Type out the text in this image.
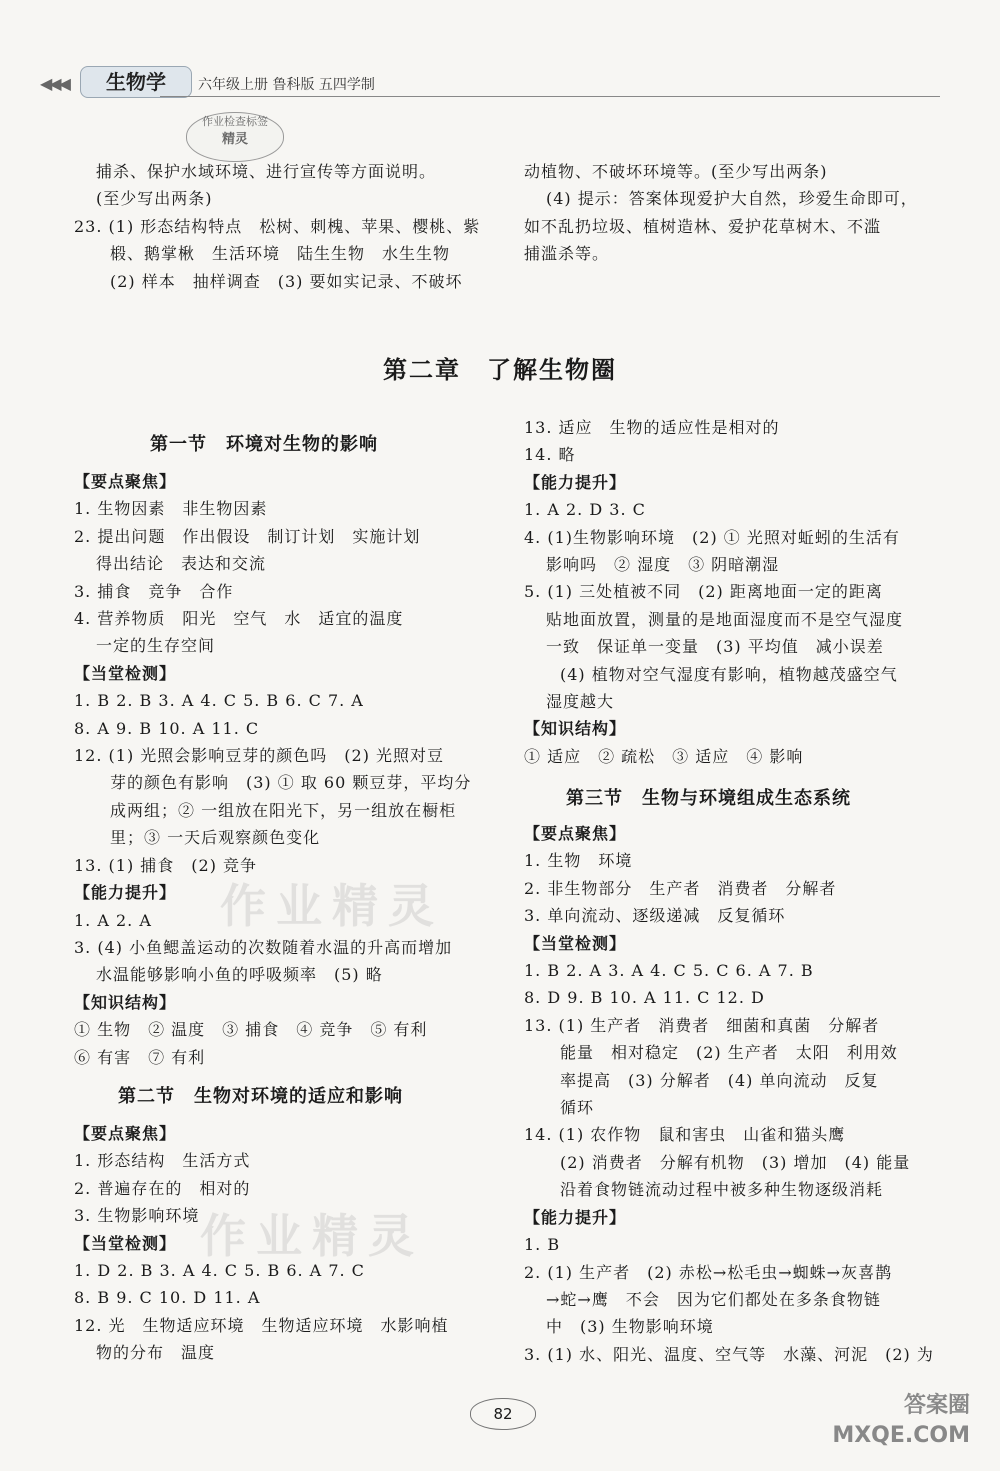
◀◀◀	生物学	六年级上册 鲁科版 五四学制
作业检查标签
精灵
捕杀、保护水域环境、进行宣传等方面说明。
(至少写出两条)
23. (1) 形态结构特点　松树、刺槐、苹果、樱桃、紫
椴、鹅掌楸　生活环境　陆生生物　水生生物
(2) 样本　抽样调查　(3) 要如实记录、不破坏
动植物、不破坏环境等。(至少写出两条)
(4) 提示：答案体现爱护大自然，珍爱生命即可，
如不乱扔垃圾、植树造林、爱护花草树木、不滥
捕滥杀等。
第二章　了解生物圈
第一节　环境对生物的影响
【要点聚焦】
1. 生物因素　非生物因素
2. 提出问题　作出假设　制订计划　实施计划
得出结论　表达和交流
3. 捕食　竞争　合作
4. 营养物质　阳光　空气　水　适宜的温度
一定的生存空间
【当堂检测】
1. B 2. B 3. A 4. C 5. B 6. C 7. A
8. A 9. B 10. A 11. C
12. (1) 光照会影响豆芽的颜色吗　(2) 光照对豆
芽的颜色有影响　(3) ① 取 60 颗豆芽，平均分
成两组；② 一组放在阳光下，另一组放在橱柜
里；③ 一天后观察颜色变化
13. (1) 捕食　(2) 竞争
【能力提升】
1. A 2. A
3. (4) 小鱼鳃盖运动的次数随着水温的升高而增加
水温能够影响小鱼的呼吸频率　(5) 略
【知识结构】
① 生物　② 温度　③ 捕食　④ 竞争　⑤ 有利
⑥ 有害　⑦ 有利
第二节　生物对环境的适应和影响
【要点聚焦】
1. 形态结构　生活方式
2. 普遍存在的　相对的
3. 生物影响环境
【当堂检测】
1. D 2. B 3. A 4. C 5. B 6. A 7. C
8. B 9. C 10. D 11. A
12. 光　生物适应环境　生物适应环境　水影响植
物的分布　温度
13. 适应　生物的适应性是相对的
14. 略
【能力提升】
1. A 2. D 3. C
4. (1)生物影响环境　(2) ① 光照对蚯蚓的生活有
影响吗　② 湿度　③ 阴暗潮湿
5. (1) 三处植被不同　(2) 距离地面一定的距离
贴地面放置，测量的是地面湿度而不是空气湿度
一致　保证单一变量　(3) 平均值　减小误差
(4) 植物对空气湿度有影响，植物越茂盛空气
湿度越大
【知识结构】
① 适应　② 疏松　③ 适应　④ 影响
第三节　生物与环境组成生态系统
【要点聚焦】
1. 生物　环境
2. 非生物部分　生产者　消费者　分解者
3. 单向流动、逐级递减　反复循环
【当堂检测】
1. B 2. A 3. A 4. C 5. C 6. A 7. B
8. D 9. B 10. A 11. C 12. D
13. (1) 生产者　消费者　细菌和真菌　分解者
能量　相对稳定　(2) 生产者　太阳　利用效
率提高　(3) 分解者　(4) 单向流动　反复
循环
14. (1) 农作物　鼠和害虫　山雀和猫头鹰
(2) 消费者　分解有机物　(3) 增加　(4) 能量
沿着食物链流动过程中被多种生物逐级消耗
【能力提升】
1. B
2. (1) 生产者　(2) 赤松→松毛虫→蜘蛛→灰喜鹊
→蛇→鹰　不会　因为它们都处在多条食物链
中　(3) 生物影响环境
3. (1) 水、阳光、温度、空气等　水藻、河泥　(2) 为
作业精灵
作业精灵
82	答案圈
MXQE.COM
